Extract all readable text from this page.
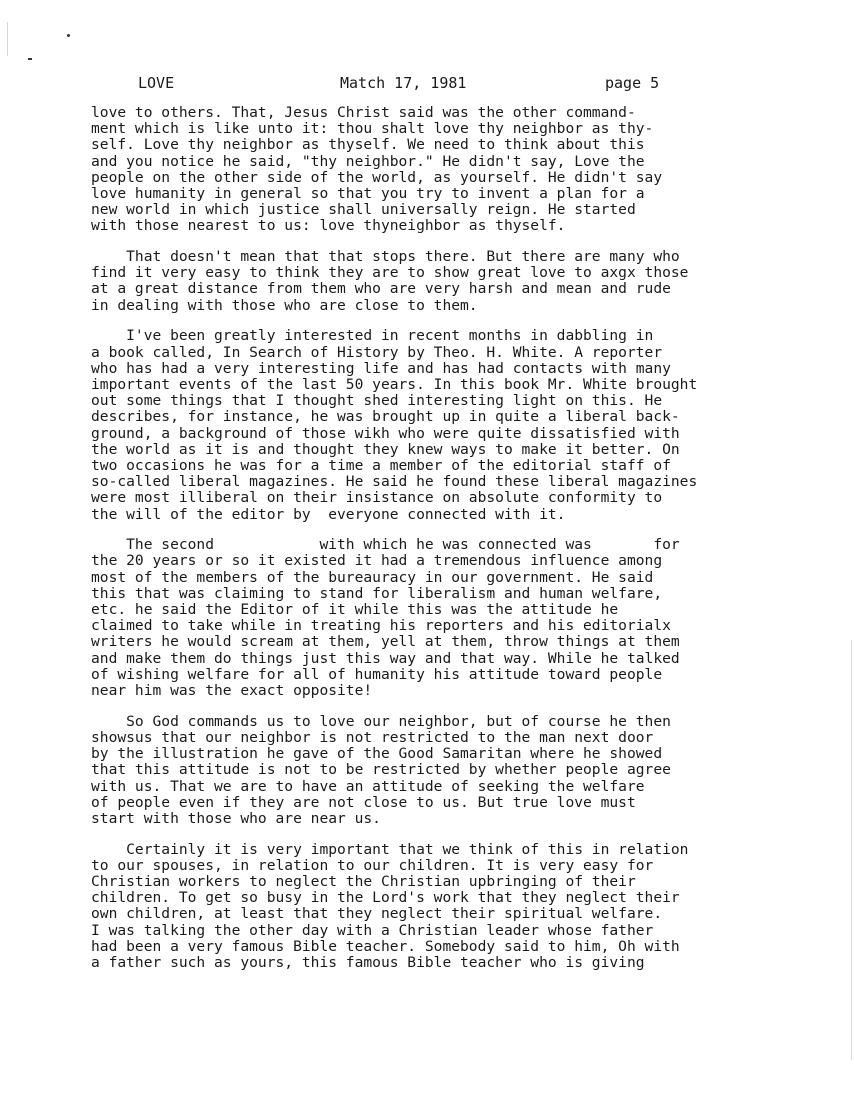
LOVE	Match 17, 1981	page 5
love to others. That, Jesus Christ said was the other command-
ment which is like unto it: thou shalt love thy neighbor as thy-
self. Love thy neighbor as thyself. We need to think about this
and you notice he said, "thy neighbor." He didn't say, Love the
people on the other side of the world, as yourself. He didn't say
love humanity in general so that you try to invent a plan for a
new world in which justice shall universally reign. He started
with those nearest to us: love thyneighbor as thyself.
That doesn't mean that that stops there. But there are many who
find it very easy to think they are to show great love to axgx those
at a great distance from them who are very harsh and mean and rude
in dealing with those who are close to them.
I've been greatly interested in recent months in dabbling in
a book called, In Search of History by Theo. H. White. A reporter
who has had a very interesting life and has had contacts with many
important events of the last 50 years. In this book Mr. White brought
out some things that I thought shed interesting light on this. He
describes, for instance, he was brought up in quite a liberal back-
ground, a background of those wikh who were quite dissatisfied with
the world as it is and thought they knew ways to make it better. On
two occasions he was for a time a member of the editorial staff of
so-called liberal magazines. He said he found these liberal magazines
were most illiberal on their insistance on absolute conformity to
the will of the editor by  everyone connected with it.
The second            with which he was connected was       for
the 20 years or so it existed it had a tremendous influence among
most of the members of the bureauracy in our government. He said
this that was claiming to stand for liberalism and human welfare,
etc. he said the Editor of it while this was the attitude he
claimed to take while in treating his reporters and his editorialx
writers he would scream at them, yell at them, throw things at them
and make them do things just this way and that way. While he talked
of wishing welfare for all of humanity his attitude toward people
near him was the exact opposite!
So God commands us to love our neighbor, but of course he then
showsus that our neighbor is not restricted to the man next door
by the illustration he gave of the Good Samaritan where he showed
that this attitude is not to be restricted by whether people agree
with us. That we are to have an attitude of seeking the welfare
of people even if they are not close to us. But true love must
start with those who are near us.
Certainly it is very important that we think of this in relation
to our spouses, in relation to our children. It is very easy for
Christian workers to neglect the Christian upbringing of their
children. To get so busy in the Lord's work that they neglect their
own children, at least that they neglect their spiritual welfare.
I was talking the other day with a Christian leader whose father
had been a very famous Bible teacher. Somebody said to him, Oh with
a father such as yours, this famous Bible teacher who is giving
